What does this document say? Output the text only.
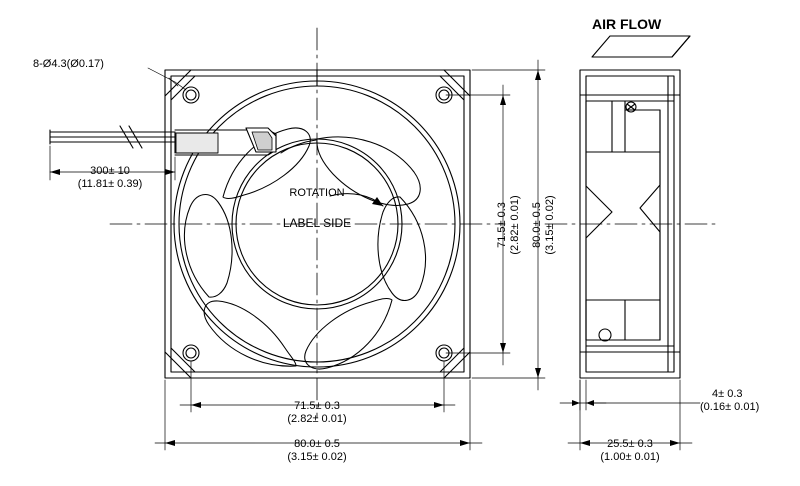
8-Ø4.3(Ø0.17)
300± 10
(11.81± 0.39)
ROTATION
LABEL SIDE
AIR FLOW
71.5± 0.3
(2.82± 0.01)
80.0± 0.5
(3.15± 0.02)
71.5± 0.3 (2.82± 0.01) 80.0± 0.5 (3.15± 0.02)
4± 0.3
(0.16± 0.01)
25.5± 0.3
(1.00± 0.01)
